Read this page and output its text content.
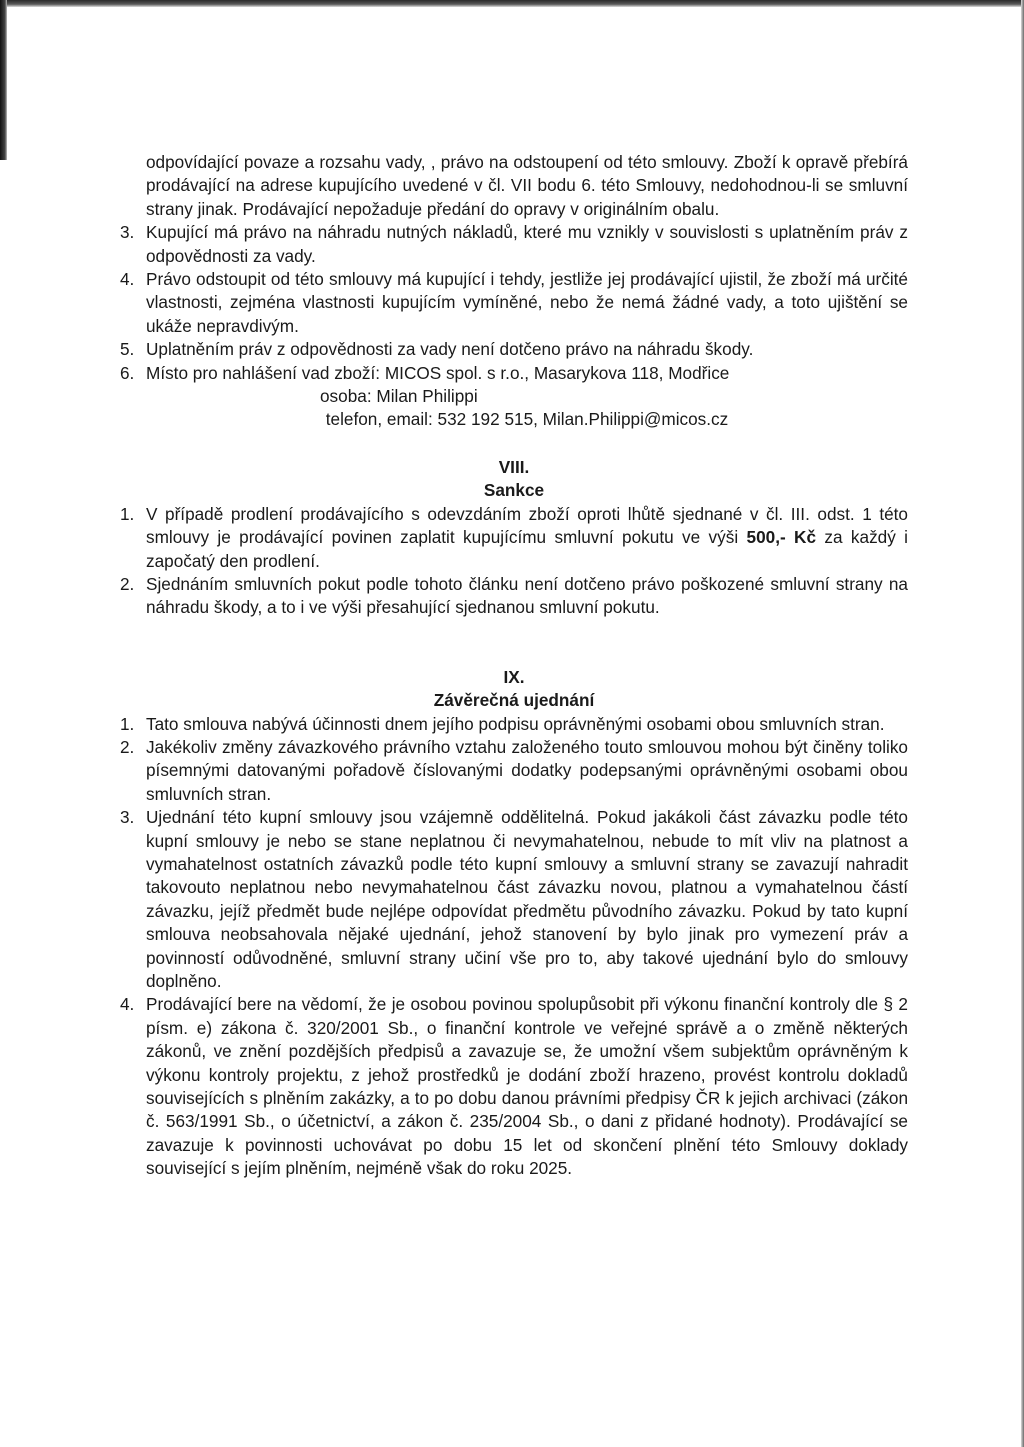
odpovídající povaze a rozsahu vady, , právo na odstoupení od této smlouvy. Zboží k opravě přebírá prodávající na adrese kupujícího uvedené v čl. VII bodu 6. této Smlouvy, nedohodnou-li se smluvní strany jinak. Prodávající nepožaduje předání do opravy v originálním obalu.
3. Kupující má právo na náhradu nutných nákladů, které mu vznikly v souvislosti s uplatněním práv z odpovědnosti za vady.
4. Právo odstoupit od této smlouvy má kupující i tehdy, jestliže jej prodávající ujistil, že zboží má určité vlastnosti, zejména vlastnosti kupujícím vymíněné, nebo že nemá žádné vady, a toto ujištění se ukáže nepravdivým.
5. Uplatněním práv z odpovědnosti za vady není dotčeno právo na náhradu škody.
6. Místo pro nahlášení vad zboží: MICOS spol. s r.o., Masarykova 118, Modřice
osoba: Milan Philippi
telefon, email: 532 192 515, Milan.Philippi@micos.cz
VIII.
Sankce
1. V případě prodlení prodávajícího s odevzdáním zboží oproti lhůtě sjednané v čl. III. odst. 1 této smlouvy je prodávající povinen zaplatit kupujícímu smluvní pokutu ve výši 500,- Kč za každý i započatý den prodlení.
2. Sjednáním smluvních pokut podle tohoto článku není dotčeno právo poškozené smluvní strany na náhradu škody, a to i ve výši přesahující sjednanou smluvní pokutu.
IX.
Závěrečná ujednání
1. Tato smlouva nabývá účinnosti dnem jejího podpisu oprávněnými osobami obou smluvních stran.
2. Jakékoliv změny závazkového právního vztahu založeného touto smlouvou mohou být činěny toliko písemnými datovanými pořadově číslovanými dodatky podepsanými oprávněnými osobami obou smluvních stran.
3. Ujednání této kupní smlouvy jsou vzájemně oddělitelná. Pokud jakákoli část závazku podle této kupní smlouvy je nebo se stane neplatnou či nevymahatelnou, nebude to mít vliv na platnost a vymahatelnost ostatních závazků podle této kupní smlouvy a smluvní strany se zavazují nahradit takovouto neplatnou nebo nevymahatelnou část závazku novou, platnou a vymahatelnou částí závazku, jejíž předmět bude nejlépe odpovídat předmětu původního závazku. Pokud by tato kupní smlouva neobsahovala nějaké ujednání, jehož stanovení by bylo jinak pro vymezení práv a povinností odůvodněné, smluvní strany učiní vše pro to, aby takové ujednání bylo do smlouvy doplněno.
4. Prodávající bere na vědomí, že je osobou povinou spolupůsobit při výkonu finanční kontroly dle § 2 písm. e) zákona č. 320/2001 Sb., o finanční kontrole ve veřejné správě a o změně některých zákonů, ve znění pozdějších předpisů a zavazuje se, že umožní všem subjektům oprávněným k výkonu kontroly projektu, z jehož prostředků je dodání zboží hrazeno, provést kontrolu dokladů souvisejících s plněním zakázky, a to po dobu danou právními předpisy ČR k jejich archivaci (zákon č. 563/1991 Sb., o účetnictví, a zákon č. 235/2004 Sb., o dani z přidané hodnoty). Prodávající se zavazuje k povinnosti uchovávat po dobu 15 let od skončení plnění této Smlouvy doklady související s jejím plněním, nejméně však do roku 2025.
